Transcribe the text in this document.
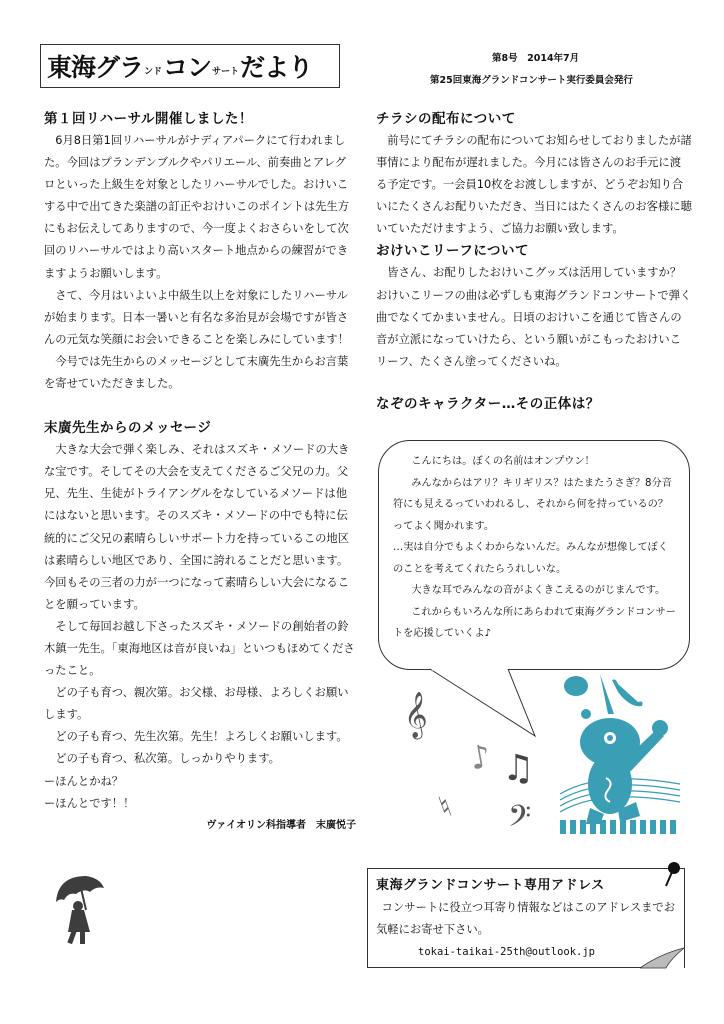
東海グラ ンド コン サート だより	第8号　2014年7月
第25回東海グランドコンサート実行委員会発行
第１回リハーサル開催しました！

6月8日第1回リハーサルがナディアパークにて行われました。今回はプランデンブルクやパリエール、前奏曲とアレグロといった上級生を対象としたリハーサルでした。おけいこする中で出てきた楽譜の訂正やおけいこのポイントは先生方にもお伝えしてありますので、今一度よくおさらいをして次回のリハーサルではより高いスタート地点からの練習ができますようお願いします。

さて、今月はいよいよ中級生以上を対象にしたリハーサルが始まります。日本一暑いと有名な多治見が会場ですが皆さんの元気な笑顔にお会いできることを楽しみにしています！

今号では先生からのメッセージとして末廣先生からお言葉を寄せていただきました。

末廣先生からのメッセージ

大きな大会で弾く楽しみ、それはスズキ・メソードの大きな宝です。そしてその大会を支えてくださるご父兄の力。父兄、先生、生徒がトライアングルをなしているメソードは他にはないと思います。そのスズキ・メソードの中でも特に伝統的にご父兄の素晴らしいサポート力を持っているこの地区は素晴らしい地区であり、全国に誇れることだと思います。今回もその三者の力が一つになって素晴らしい大会になることを願っています。

そして毎回お越し下さったスズキ・メソードの創始者の鈴木鎮一先生。「東海地区は音が良いね」といつもほめてくださったこと。

どの子も育つ、親次第。お父様、お母様、よろしくお願いします。

どの子も育つ、先生次第。先生！よろしくお願いします。

どの子も育つ、私次第。しっかりやります。

ーほんとかね？

ーほんとです！！

ヴァイオリン科指導者　末廣悦子
チラシの配布について

前号にてチラシの配布についてお知らせしておりましたが諸事情により配布が遅れました。今月には皆さんのお手元に渡る予定です。一会員10枚をお渡ししますが、どうぞお知り合いにたくさんお配りいただき、当日にはたくさんのお客様に聴いていただけますよう、ご協力お願い致します。

おけいこリーフについて

皆さん、お配りしたおけいこグッズは活用していますか？おけいこリーフの曲は必ずしも東海グランドコンサートで弾く曲でなくてかまいません。日頃のおけいこを通じて皆さんの音が立派になっていけたら、という願いがこもったおけいこリーフ、たくさん塗ってくださいね。

なぞのキャラクター…その正体は？

こんにちは。ぼくの名前はオンプウン！

みんなからはアリ？キリギリス？はたまたうさぎ？8分音符にも見えるっていわれるし、それから何を持っているの？ってよく聞かれます。

…実は自分でもよくわからないんだ。みんなが想像してぼくのことを考えてくれたらうれしいな。

大きな耳でみんなの音がよくきこえるのがじまんです。

これからもいろんな所にあらわれて東海グランドコンサートを応援していくよ♪

𝄞
♪ ♫
♮ 𝄢
東海グランドコンサート専用アドレス
コンサートに役立つ耳寄り情報などはこのアドレスまでお気軽にお寄せ下さい。
tokai-taikai-25th@outlook.jp
